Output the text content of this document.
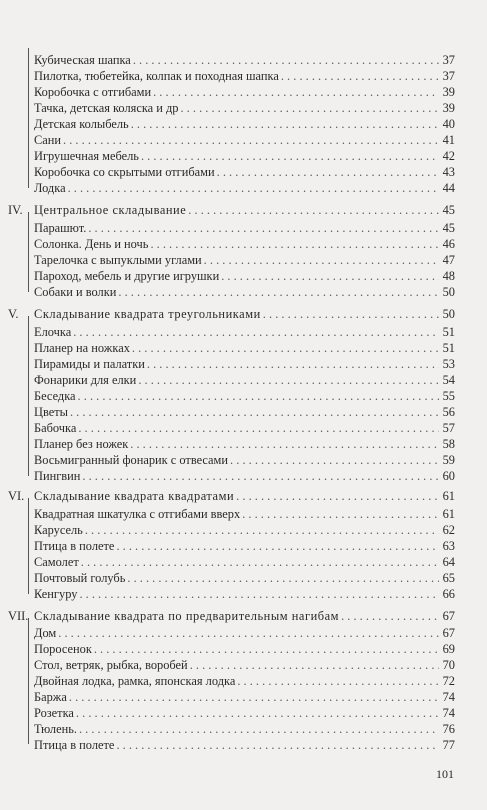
Кубическая шапка . . .	37
Пилотка, тюбетейка, колпак и походная шапка . . .	37
Коробочка с отгибами . . .	39
Тачка, детская коляска и др . . .	39
Детская колыбель . . .	40
Сани . . .	41
Игрушечная мебель . . .	42
Коробочка со скрытыми отгибами . . .	43
Лодка . . .	44
IV. Центральное складывание . . .	45
Парашют. . . .	45
Солонка. День и ночь . . .	46
Тарелочка с выпуклыми углами . . .	47
Пароход, мебель и другие игрушки . . .	48
Собаки и волки . . .	50
V.	Складывание квадрата треугольниками . . .	50
Елочка . . .	51
Планер на ножках . . .	51
Пирамиды и палатки . . .	53
Фонарики для елки . . .	54
Беседка . . .	55
Цветы . . .	56
Бабочка . . .	57
Планер без ножек . . .	58
Восьмигранный фонарик с отвесами . . .	59
Пингвин . . .	60
VI. Складывание квадрата квадратами . . .	61
Квадратная шкатулка с отгибами вверх . . .	61
Карусель . . .	62
Птица в полете . . .	63
Самолет . . .	64
Почтовый голубь . . .	65
Кенгуру . . .	66
VII. Складывание квадрата по предварительным нагибам . . .	67
Дом . . .	67
Поросенок . . .	69
Стол, ветряк, рыбка, воробей . . .	70
Двойная лодка, рамка, японская лодка . . .	72
Баржа . . .	74
Розетка . . .	74
Тюлень. . . .	76
Птица в полете . . .	77
101
